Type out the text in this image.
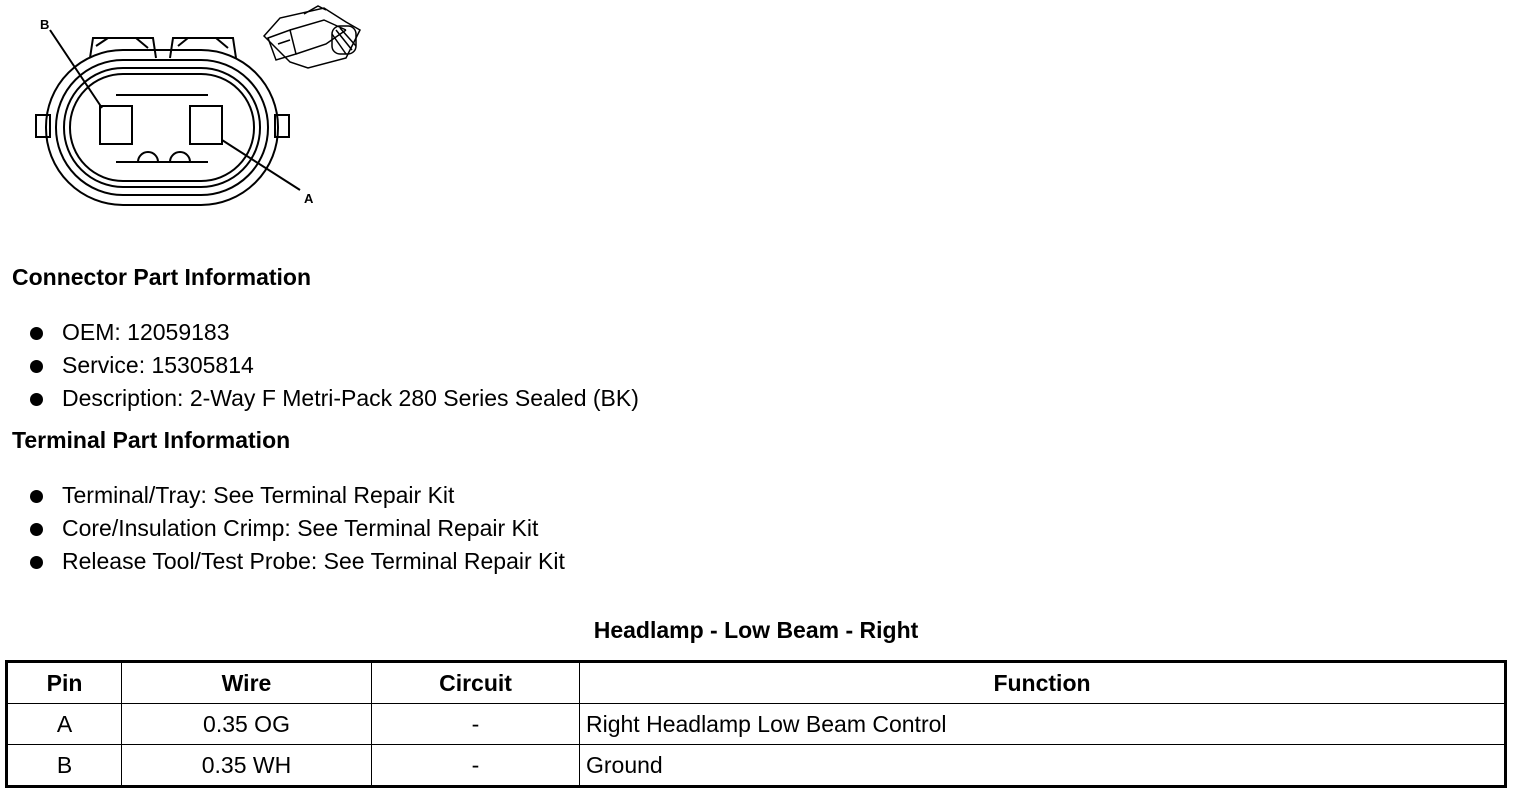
B
A
Connector Part Information
OEM: 12059183
Service: 15305814
Description: 2-Way F Metri-Pack 280 Series Sealed (BK)
Terminal Part Information
Terminal/Tray: See Terminal Repair Kit
Core/Insulation Crimp: See Terminal Repair Kit
Release Tool/Test Probe: See Terminal Repair Kit
Headlamp - Low Beam - Right
Pin	Wire	Circuit	Function
A	0.35 OG	-	Right Headlamp Low Beam Control
B	0.35 WH	-	Ground
